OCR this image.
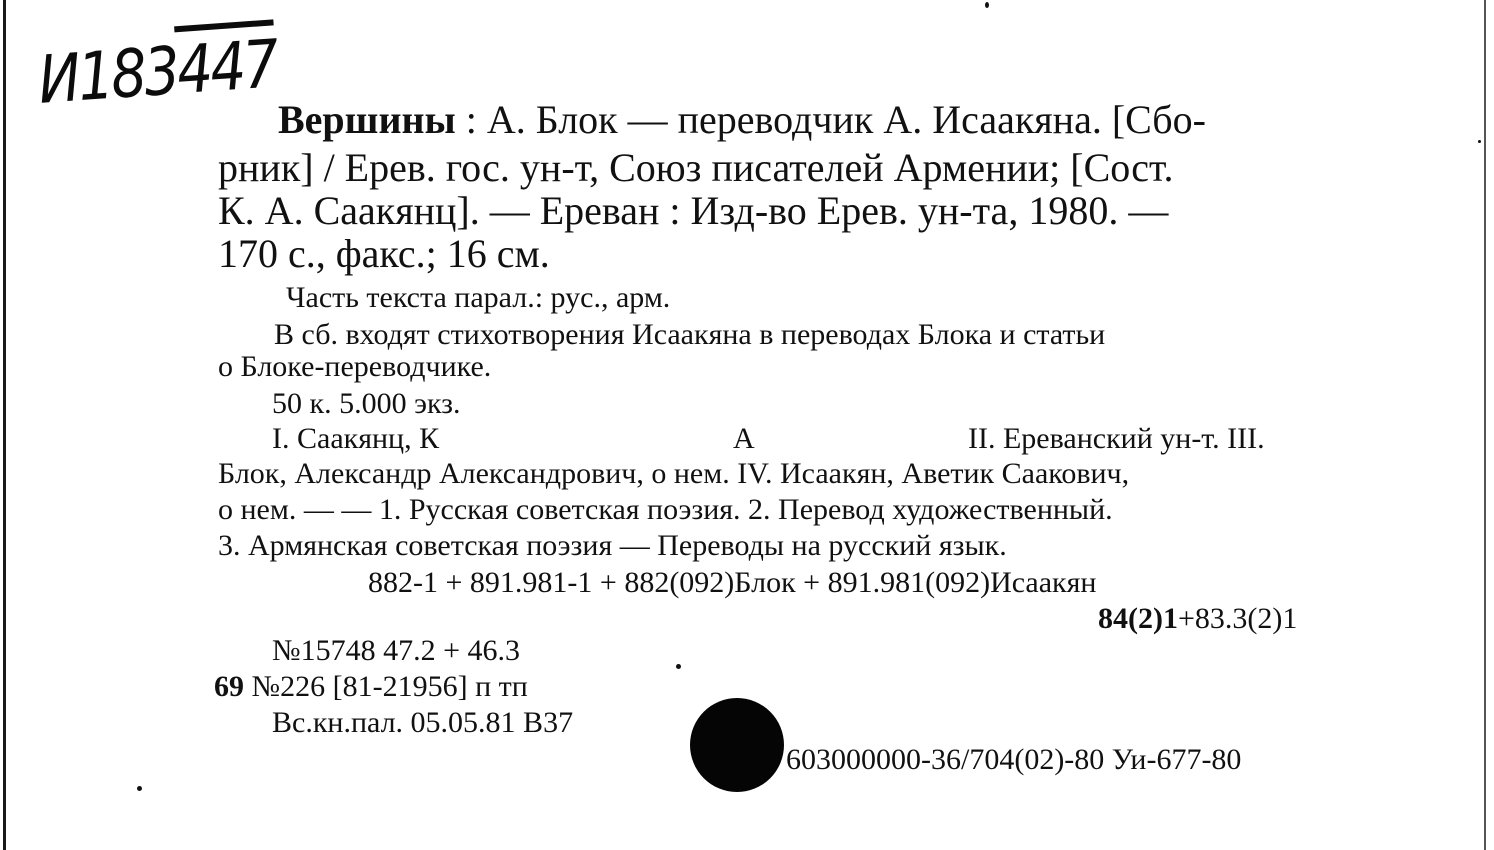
И183447
Вершины : А. Блок — переводчик А. Исаакяна. [Сбо-
рник] / Ерев. гос. ун-т, Союз писателей Армении; [Сост.
К. А. Саакянц]. — Ереван : Изд-во Ерев. ун-та, 1980. —
170 с., факс.; 16 см.
Часть текста парал.: рус., арм.
В сб. входят стихотворения Исаакяна в переводах Блока и статьи
о Блоке-переводчике.
50 к. 5.000 экз.
I. Саакянц, К	А	II. Ереванский ун-т. III.
Блок, Александр Александрович, о нем. IV. Исаакян, Аветик Саакович,
о нем. — — 1. Русская советская поэзия. 2. Перевод художественный.
3. Армянская советская поэзия — Переводы на русский язык.
882-1 + 891.981-1 + 882(092)Блок + 891.981(092)Исаакян
84(2)1+83.3(2)1
№15748 47.2 + 46.3
69 №226 [81-21956] п тп
Вс.кн.пал. 05.05.81 В37
603000000-36/704(02)-80 Уи-677-80
